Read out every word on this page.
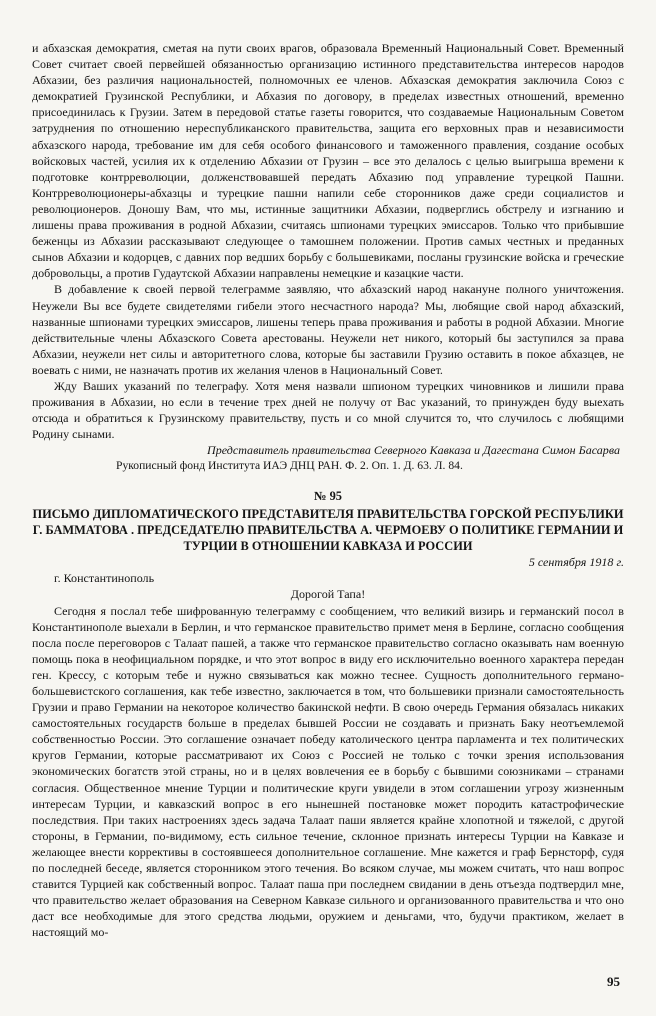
и абхазская демократия, сметая на пути своих врагов, образовала Временный Национальный Совет. Временный Совет считает своей первейшей обязанностью организацию истинного представительства интересов народов Абхазии, без различия национальностей, полномочных ее членов. Абхазская демократия заключила Союз с демократией Грузинской Республики, и Абхазия по договору, в пределах известных отношений, временно присоединилась к Грузии. Затем в передовой статье газеты говорится, что создаваемые Национальным Советом затруднения по отношению нереспубликанского правительства, защита его верховных прав и независимости абхазского народа, требование им для себя особого финансового и таможенного правления, создание особых войсковых частей, усилия их к отделению Абхазии от Грузин – все это делалось с целью выигрыша времени к подготовке контрреволюции, долженствовавшей передать Абхазию под управление турецкой Пашни. Контрреволюционеры-абхазцы и турецкие пашни напили себе сторонников даже среди социалистов и революционеров. Доношу Вам, что мы, истинные защитники Абхазии, подверглись обстрелу и изгнанию и лишены права проживания в родной Абхазии, считаясь шпионами турецких эмиссаров. Только что прибывшие беженцы из Абхазии рассказывают следующее о тамошнем положении. Против самых честных и преданных сынов Абхазии и кодорцев, с давних пор ведших борьбу с большевиками, посланы грузинские войска и греческие добровольцы, а против Гудаутской Абхазии направлены немецкие и казацкие части.

В добавление к своей первой телеграмме заявляю, что абхазский народ накануне полного уничтожения. Неужели Вы все будете свидетелями гибели этого несчастного народа? Мы, любящие свой народ абхазский, названные шпионами турецких эмиссаров, лишены теперь права проживания и работы в родной Абхазии. Многие действительные члены Абхазского Совета арестованы. Неужели нет никого, который бы заступился за права Абхазии, неужели нет силы и авторитетного слова, которые бы заставили Грузию оставить в покое абхазцев, не воевать с ними, не назначать против их желания членов в Национальный Совет.

Жду Ваших указаний по телеграфу. Хотя меня назвали шпионом турецких чиновников и лишили права проживания в Абхазии, но если в течение трех дней не получу от Вас указаний, то принужден буду выехать отсюда и обратиться к Грузинскому правительству, пусть и со мной случится то, что случилось с любящими Родину сынами.

Представитель правительства Северного Кавказа и Дагестана Симон Басарва

Рукописный фонд Института ИАЭ ДНЦ РАН. Ф. 2. Оп. 1. Д. 63. Л. 84.

№ 95
ПИСЬМО ДИПЛОМАТИЧЕСКОГО ПРЕДСТАВИТЕЛЯ ПРАВИТЕЛЬСТВА ГОРСКОЙ РЕСПУБЛИКИ Г. БАММАТОВА . ПРЕДСЕДАТЕЛЮ ПРАВИТЕЛЬСТВА А. ЧЕРМОЕВУ О ПОЛИТИКЕ ГЕРМАНИИ И ТУРЦИИ В ОТНОШЕНИИ КАВКАЗА И РОССИИ

5 сентября 1918 г.

г. Константинополь

Дорогой Тапа!

Сегодня я послал тебе шифрованную телеграмму с сообщением, что великий визирь и германский посол в Константинополе выехали в Берлин, и что германское правительство примет меня в Берлине, согласно сообщения посла после переговоров с Талаат пашей, а также что германское правительство согласно оказывать нам военную помощь пока в неофициальном порядке, и что этот вопрос в виду его исключительно военного характера передан ген. Крессу, с которым тебе и нужно связываться как можно теснее. Сущность дополнительного германо-большевистского соглашения, как тебе известно, заключается в том, что большевики признали самостоятельность Грузии и право Германии на некоторое количество бакинской нефти. В свою очередь Германия обязалась никаких самостоятельных государств больше в пределах бывшей России не создавать и признать Баку неотъемлемой собственностью России. Это соглашение означает победу католического центра парламента и тех политических кругов Германии, которые рассматривают их Союз с Россией не только с точки зрения использования экономических богатств этой страны, но и в целях вовлечения ее в борьбу с бывшими союзниками – странами согласия. Общественное мнение Турции и политические круги увидели в этом соглашении угрозу жизненным интересам Турции, и кавказский вопрос в его нынешней постановке может породить катастрофические последствия. При таких настроениях здесь задача Талаат паши является крайне хлопотной и тяжелой, с другой стороны, в Германии, по-видимому, есть сильное течение, склонное признать интересы Турции на Кавказе и желающее внести коррективы в состоявшееся дополнительное соглашение. Мне кажется и граф Бернсторф, судя по последней беседе, является сторонником этого течения. Во всяком случае, мы можем считать, что наш вопрос ставится Турцией как собственный вопрос. Талаат паша при последнем свидании в день отъезда подтвердил мне, что правительство желает образования на Северном Кавказе сильного и организованного правительства и что оно даст все необходимые для этого средства людьми, оружием и деньгами, что, будучи практиком, желает в настоящий мо-

95
